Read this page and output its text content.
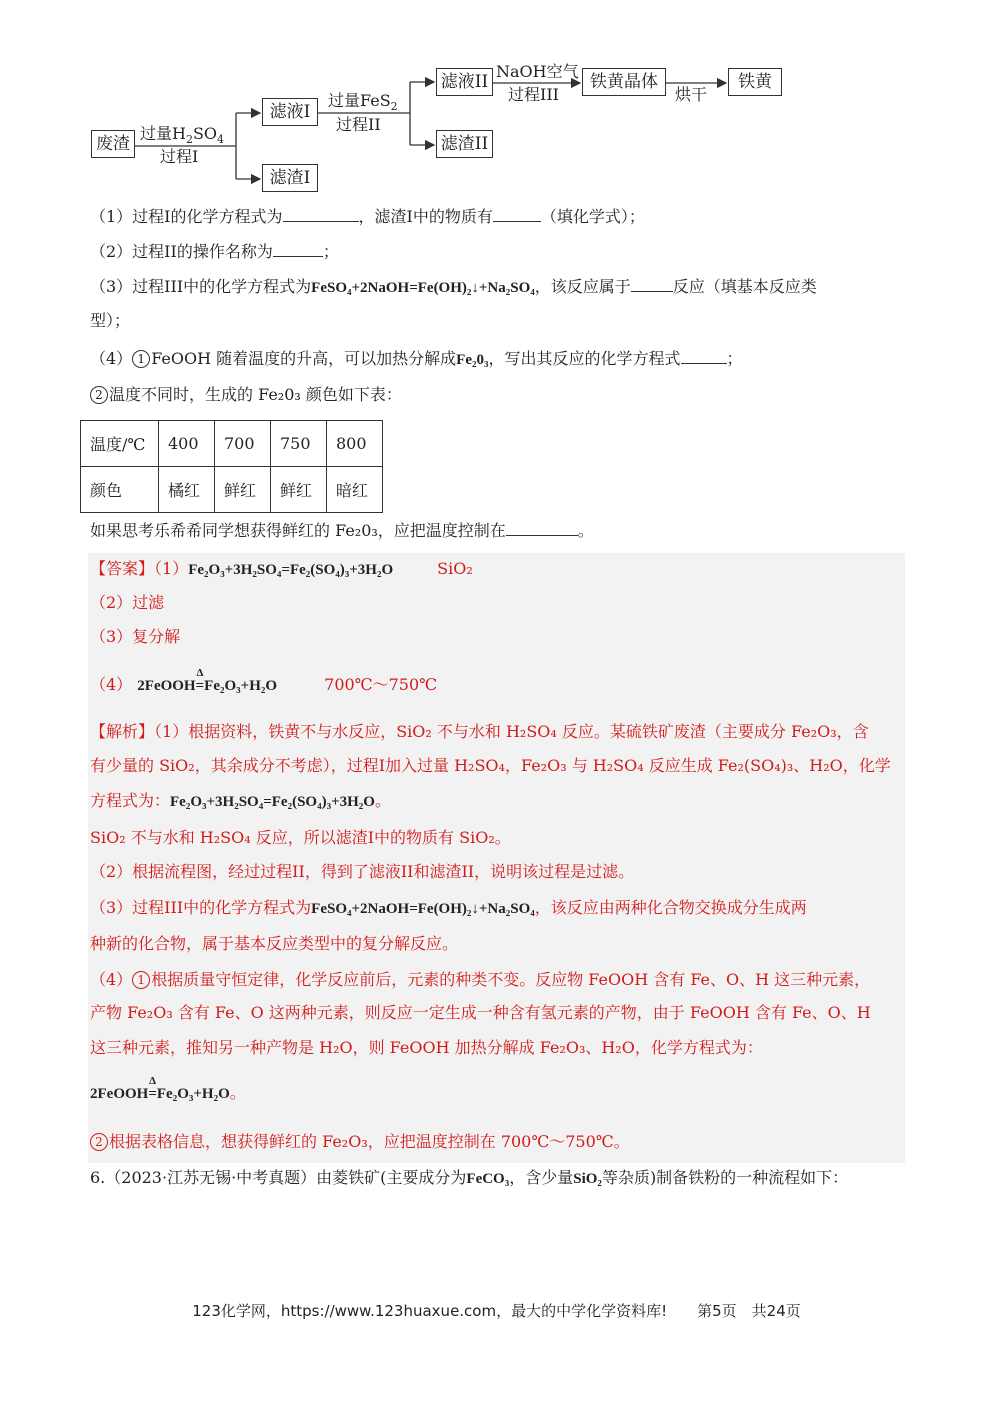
废渣
滤液I
滤渣I
滤液II
滤渣II
铁黄晶体	铁黄
过量$H_2SO_4$
过程I
过量FeS$_2$
过程II
NaOH空气
过程III	烘干
（1）过程I的化学方程式为	，滤渣I中的物质有	（填化学式）；
（2）过程II的操作名称为	；
（3）过程III中的化学方程式为FeSO₄+2NaOH=Fe(OH)₂↓+Na₂SO₄，该反应属于	反应（填基本反应类
型）；
（4） 1 FeOOH 随着温度的升高，可以加热分解成Fe₂0₃，写出其反应的化学方程式	；
2 温度不同时，生成的 Fe₂0₃ 颜色如下表：
温度/℃	400	700	750	800
颜色	橘红	鲜红	鲜红	暗红
如果思考乐希希同学想获得鲜红的 Fe₂0₃，应把温度控制在	。
【答案】（1）Fe₂O₃+3H₂SO₄=Fe₂(SO₄)₃+3H₂O	SiO₂
（2）过滤
（3）复分解
（4） 2FeOOH
Δ
=Fe₂O₃+H₂O	700℃～750℃
【解析】（1）根据资料，铁黄不与水反应，SiO₂ 不与水和 H₂SO₄ 反应。某硫铁矿废渣（主要成分 Fe₂O₃，含
有少量的 SiO₂，其余成分不考虑），过程I加入过量 H₂SO₄，Fe₂O₃ 与 H₂SO₄ 反应生成 Fe₂(SO₄)₃、H₂O，化学
方程式为：Fe₂O₃+3H₂SO₄=Fe₂(SO₄)₃+3H₂O。
SiO₂ 不与水和 H₂SO₄ 反应，所以滤渣I中的物质有 SiO₂。
（2）根据流程图，经过过程II，得到了滤液II和滤渣II，说明该过程是过滤。
（3）过程III中的化学方程式为FeSO₄+2NaOH=Fe(OH)₂↓+Na₂SO₄，该反应由两种化合物交换成分生成两
种新的化合物，属于基本反应类型中的复分解反应。
（4） 1 根据质量守恒定律，化学反应前后，元素的种类不变。反应物 FeOOH 含有 Fe、O、H 这三种元素，
产物 Fe₂O₃ 含有 Fe、O 这两种元素，则反应一定生成一种含有氢元素的产物，由于 FeOOH 含有 Fe、O、H
这三种元素，推知另一种产物是 H₂O，则 FeOOH 加热分解成 Fe₂O₃、H₂O，化学方程式为：
2FeOOH
Δ
=Fe₂O₃+H₂O。
2 根据表格信息，想获得鲜红的 Fe₂O₃，应把温度控制在 700℃～750℃。
6.（2023·江苏无锡·中考真题）由菱铁矿(主要成分为FeCO₃，含少量SiO₂等杂质)制备铁粉的一种流程如下：
123化学网，https://www.123huaxue.com，最大的中学化学资料库!　　第5页　共24页
